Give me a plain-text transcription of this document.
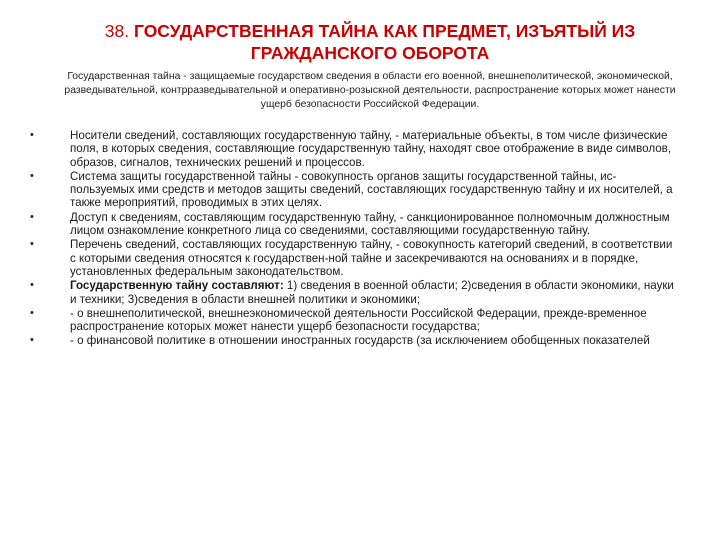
38. ГОСУДАРСТВЕННАЯ ТАЙНА КАК ПРЕДМЕТ, ИЗЪЯТЫЙ ИЗ ГРАЖДАНСКОГО ОБОРОТА
Государственная тайна - защищаемые государством сведения в области его военной, внешнеполитической, экономической, разведывательной, контрразведывательной и оперативно-розыскной деятельности, распространение которых может нанести ущерб безопасности Российской Федерации.
•	Носители сведений, составляющих государственную тайну, - материальные объекты, в том числе физические поля, в которых сведения, составляющие государственную тайну, находят свое отображение в виде символов, образов, сигналов, технических решений и процессов.
•	Система защиты государственной тайны - совокупность органов защиты государственной тайны, ис-пользуемых ими средств и методов защиты сведений, составляющих государственную тайну и их носителей, а также мероприятий, проводимых в этих целях.
•	Доступ к сведениям, составляющим государственную тайну, - санкционированное полномочным должностным лицом ознакомление конкретного лица со сведениями, составляющими государственную тайну.
•	Перечень сведений, составляющих государственную тайну, - совокупность категорий сведений, в соответствии с которыми сведения относятся к государствен-ной тайне и засекречиваются на основаниях и в порядке, установленных федеральным законодательством.
•	Государственную тайну составляют: 1) сведения в военной области; 2)сведения в области экономики, науки и техники; 3)сведения в области внешней политики и экономики;
•	- о внешнеполитической, внешнеэкономической деятельности Российской Федерации, прежде-временное распространение которых может нанести ущерб безопасности государства;
•	- о финансовой политике в отношении иностранных государств (за исключением обобщенных показателей
